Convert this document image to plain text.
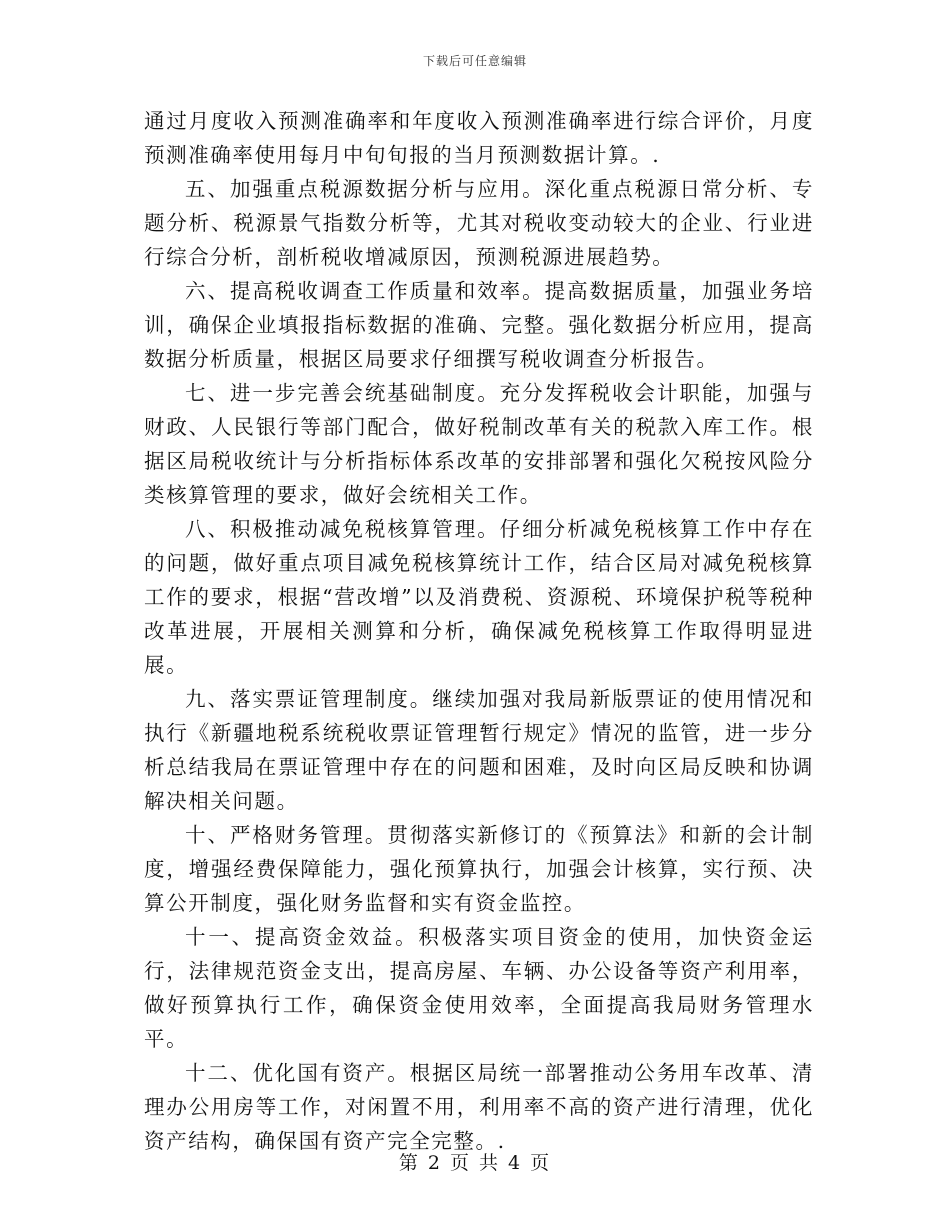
下载后可任意编辑

通过月度收入预测准确率和年度收入预测准确率进行综合评价，月度预测准确率使用每月中旬旬报的当月预测数据计算。.

五、加强重点税源数据分析与应用。深化重点税源日常分析、专题分析、税源景气指数分析等，尤其对税收变动较大的企业、行业进行综合分析，剖析税收增减原因，预测税源进展趋势。

六、提高税收调查工作质量和效率。提高数据质量，加强业务培训，确保企业填报指标数据的准确、完整。强化数据分析应用，提高数据分析质量，根据区局要求仔细撰写税收调查分析报告。

七、进一步完善会统基础制度。充分发挥税收会计职能，加强与财政、人民银行等部门配合，做好税制改革有关的税款入库工作。根据区局税收统计与分析指标体系改革的安排部署和强化欠税按风险分类核算管理的要求，做好会统相关工作。

八、积极推动减免税核算管理。仔细分析减免税核算工作中存在的问题，做好重点项目减免税核算统计工作，结合区局对减免税核算工作的要求，根据“营改增”以及消费税、资源税、环境保护税等税种改革进展，开展相关测算和分析，确保减免税核算工作取得明显进展。

九、落实票证管理制度。继续加强对我局新版票证的使用情况和执行《新疆地税系统税收票证管理暂行规定》情况的监管，进一步分析总结我局在票证管理中存在的问题和困难，及时向区局反映和协调解决相关问题。

十、严格财务管理。贯彻落实新修订的《预算法》和新的会计制度，增强经费保障能力，强化预算执行，加强会计核算，实行预、决算公开制度，强化财务监督和实有资金监控。

十一、提高资金效益。积极落实项目资金的使用，加快资金运行，法律规范资金支出，提高房屋、车辆、办公设备等资产利用率，做好预算执行工作，确保资金使用效率，全面提高我局财务管理水平。

十二、优化国有资产。根据区局统一部署推动公务用车改革、清理办公用房等工作，对闲置不用，利用率不高的资产进行清理，优化资产结构，确保国有资产完全完整。.

第 2 页 共 4 页
